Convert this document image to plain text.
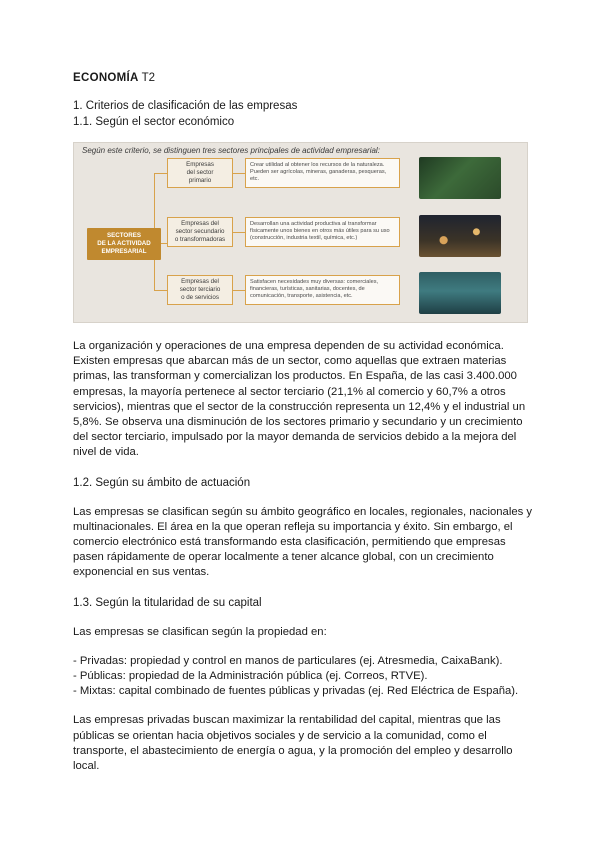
ECONOMÍA T2

1. Criterios de clasificación de las empresas

1.1. Según el sector económico

Según este criterio, se distinguen tres sectores principales de actividad empresarial:
SECTORES
DE LA ACTIVIDAD
EMPRESARIAL
Empresas
del sector
primario
Empresas del
sector secundario
o transformadoras
Empresas del
sector terciario
o de servicios
Crear utilidad al obtener los recursos de la naturaleza. Pueden ser agrícolas, mineras, ganaderas, pesqueras, etc.
Desarrollan una actividad productiva al transformar físicamente unos bienes en otros más útiles para su uso (construcción, industria textil, química, etc.)
Satisfacen necesidades muy diversas: comerciales, financieras, turísticas, sanitarias, docentes, de comunicación, transporte, asistencia, etc.

La organización y operaciones de una empresa dependen de su actividad económica. Existen empresas que abarcan más de un sector, como aquellas que extraen materias primas, las transforman y comercializan los productos. En España, de las casi 3.400.000 empresas, la mayoría pertenece al sector terciario (21,1% al comercio y 60,7% a otros servicios), mientras que el sector de la construcción representa un 12,4% y el industrial un 5,8%. Se observa una disminución de los sectores primario y secundario y un crecimiento del sector terciario, impulsado por la mayor demanda de servicios debido a la mejora del nivel de vida.

1.2. Según su ámbito de actuación

Las empresas se clasifican según su ámbito geográfico en locales, regionales, nacionales y multinacionales. El área en la que operan refleja su importancia y éxito. Sin embargo, el comercio electrónico está transformando esta clasificación, permitiendo que empresas pasen rápidamente de operar localmente a tener alcance global, con un crecimiento exponencial en sus ventas.

1.3. Según la titularidad de su capital

Las empresas se clasifican según la propiedad en:

- Privadas: propiedad y control en manos de particulares (ej. Atresmedia, CaixaBank).

- Públicas: propiedad de la Administración pública (ej. Correos, RTVE).

- Mixtas: capital combinado de fuentes públicas y privadas (ej. Red Eléctrica de España).

Las empresas privadas buscan maximizar la rentabilidad del capital, mientras que las públicas se orientan hacia objetivos sociales y de servicio a la comunidad, como el transporte, el abastecimiento de energía o agua, y la promoción del empleo y desarrollo local.
